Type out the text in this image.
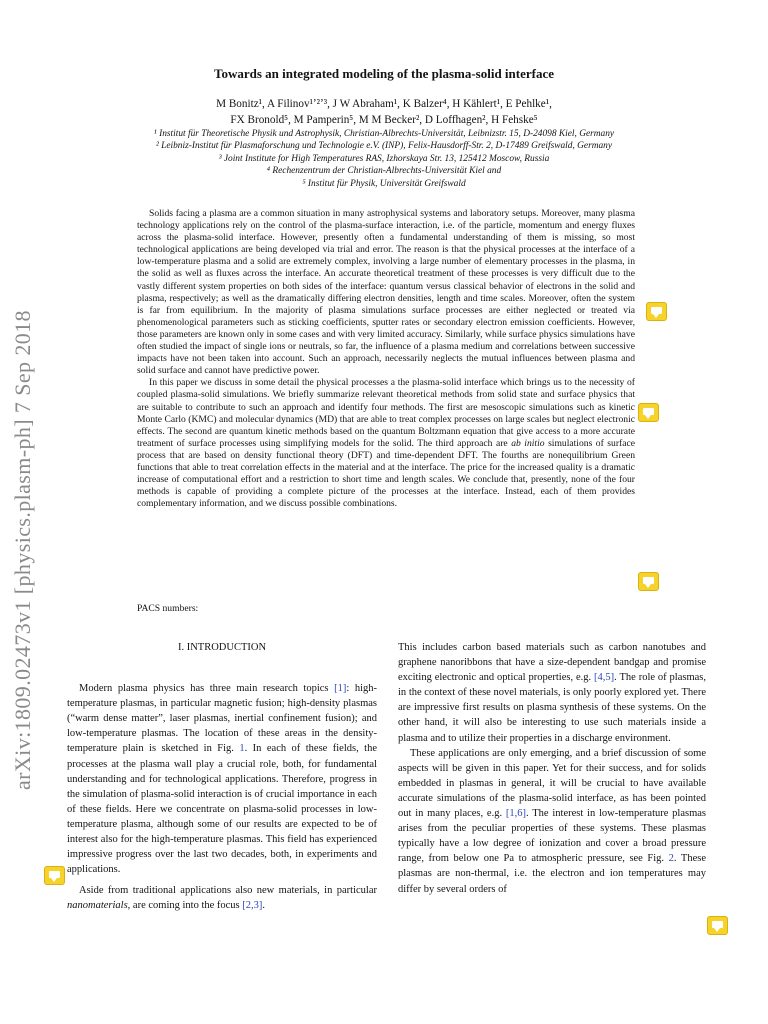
arXiv:1809.02473v1 [physics.plasm-ph] 7 Sep 2018
Towards an integrated modeling of the plasma-solid interface
M Bonitz¹, A Filinov¹ʼ²ʼ³, J W Abraham¹, K Balzer⁴, H Kählert¹, E Pehlke¹,
FX Bronold⁵, M Pamperin⁵, M M Becker², D Loffhagen², H Fehske⁵
¹ Institut für Theoretische Physik und Astrophysik, Christian-Albrechts-Universität, Leibnizstr. 15, D-24098 Kiel, Germany
² Leibniz-Institut für Plasmaforschung und Technologie e.V. (INP), Felix-Hausdorff-Str. 2, D-17489 Greifswald, Germany
³ Joint Institute for High Temperatures RAS, Izhorskaya Str. 13, 125412 Moscow, Russia
⁴ Rechenzentrum der Christian-Albrechts-Universität Kiel and
⁵ Institut für Physik, Universität Greifswald

Solids facing a plasma are a common situation in many astrophysical systems and laboratory setups. Moreover, many plasma technology applications rely on the control of the plasma-surface interaction, i.e. of the particle, momentum and energy fluxes across the plasma-solid interface. However, presently often a fundamental understanding of them is missing, so most technological applications are being developed via trial and error. The reason is that the physical processes at the interface of a low-temperature plasma and a solid are extremely complex, involving a large number of elementary processes in the plasma, in the solid as well as fluxes across the interface. An accurate theoretical treatment of these processes is very difficult due to the vastly different system properties on both sides of the interface: quantum versus classical behavior of electrons in the solid and plasma, respectively; as well as the dramatically differing electron densities, length and time scales. Moreover, often the system is far from equilibrium. In the majority of plasma simulations surface processes are either neglected or treated via phenomenological parameters such as sticking coefficients, sputter rates or secondary electron emission coefficients. However, those parameters are known only in some cases and with very limited accuracy. Similarly, while surface physics simulations have often studied the impact of single ions or neutrals, so far, the influence of a plasma medium and correlations between successive impacts have not been taken into account. Such an approach, necessarily neglects the mutual influences between plasma and solid surface and cannot have predictive power.

In this paper we discuss in some detail the physical processes a the plasma-solid interface which brings us to the necessity of coupled plasma-solid simulations. We briefly summarize relevant theoretical methods from solid state and surface physics that are suitable to contribute to such an approach and identify four methods. The first are mesoscopic simulations such as kinetic Monte Carlo (KMC) and molecular dynamics (MD) that are able to treat complex processes on large scales but neglect electronic effects. The second are quantum kinetic methods based on the quantum Boltzmann equation that give access to a more accurate treatment of surface processes using simplifying models for the solid. The third approach are ab initio simulations of surface process that are based on density functional theory (DFT) and time-dependent DFT. The fourths are nonequilibrium Green functions that able to treat correlation effects in the material and at the interface. The price for the increased quality is a dramatic increase of computational effort and a restriction to short time and length scales. We conclude that, presently, none of the four methods is capable of providing a complete picture of the processes at the interface. Instead, each of them provides complementary information, and we discuss possible combinations.

PACS numbers:
I. INTRODUCTION

Modern plasma physics has three main research topics [1]: high-temperature plasmas, in particular magnetic fusion; high-density plasmas (“warm dense matter”, laser plasmas, inertial confinement fusion); and low-temperature plasmas. The location of these areas in the density-temperature plain is sketched in Fig. 1. In each of these fields, the processes at the plasma wall play a crucial role, both, for fundamental understanding and for technological applications. Therefore, progress in the simulation of plasma-solid interaction is of crucial importance in each of these fields. Here we concentrate on plasma-solid processes in low-temperature plasma, although some of our results are expected to be of interest also for the high-temperature plasmas. This field has experienced impressive progress over the last two decades, both, in experiments and applications.

Aside from traditional applications also new materials, in particular nanomaterials, are coming into the focus [2,3].

This includes carbon based materials such as carbon nanotubes and graphene nanoribbons that have a size-dependent bandgap and promise exciting electronic and optical properties, e.g. [4,5]. The role of plasmas, in the context of these novel materials, is only poorly explored yet. There are impressive first results on plasma synthesis of these systems. On the other hand, it will also be interesting to use such materials inside a plasma and to utilize their properties in a discharge environment.

These applications are only emerging, and a brief discussion of some aspects will be given in this paper. Yet for their success, and for solids embedded in plasmas in general, it will be crucial to have available accurate simulations of the plasma-solid interface, as has been pointed out in many places, e.g. [1,6]. The interest in low-temperature plasmas arises from the peculiar properties of these systems. These plasmas typically have a low degree of ionization and cover a broad pressure range, from below one Pa to atmospheric pressure, see Fig. 2. These plasmas are non-thermal, i.e. the electron and ion temperatures may differ by several orders of
